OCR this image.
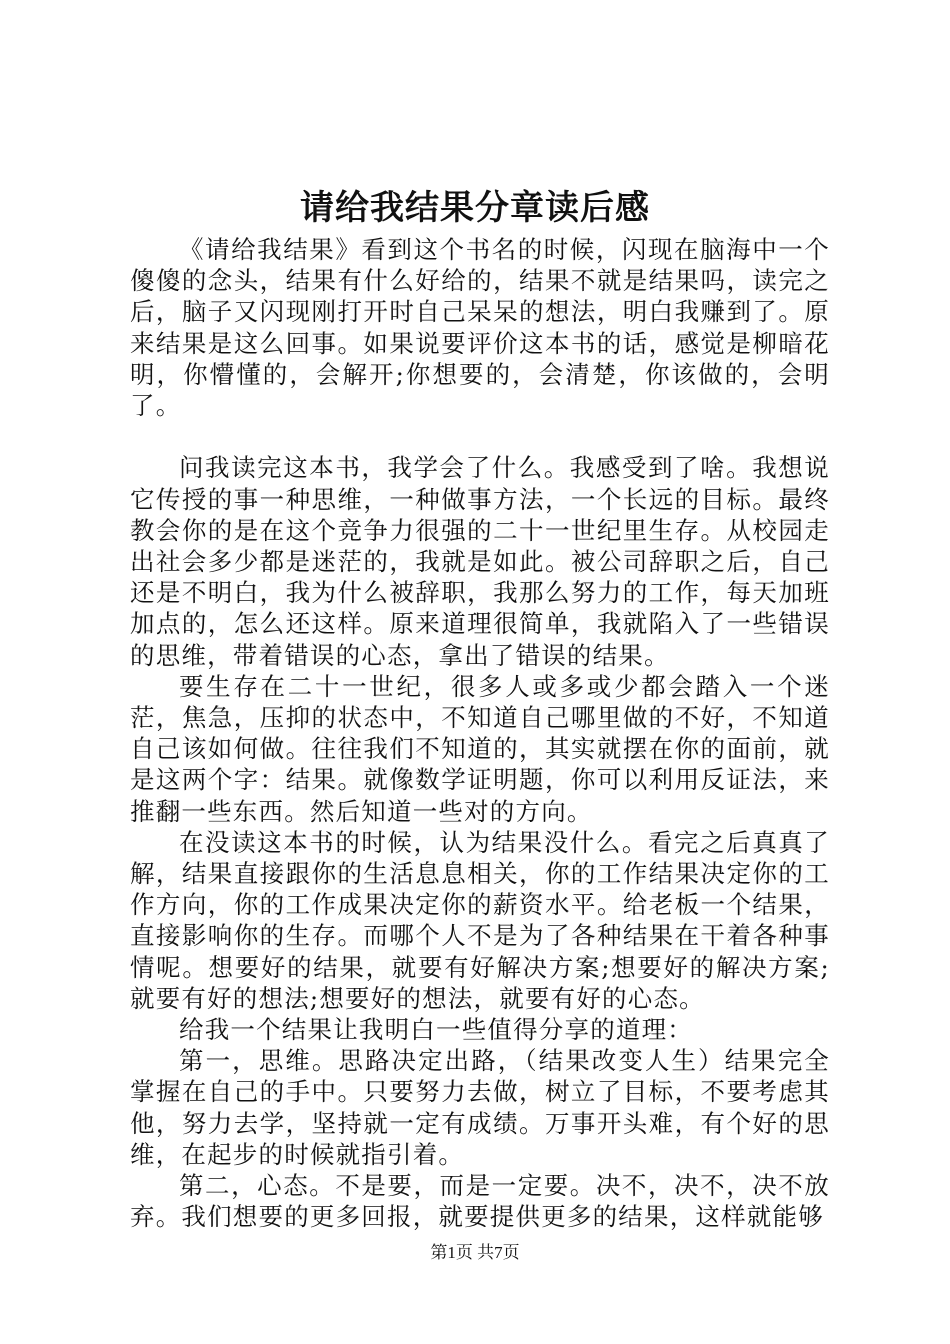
请给我结果分章读后感

《请给我结果》看到这个书名的时候，闪现在脑海中一个傻傻的念头，结果有什么好给的，结果不就是结果吗，读完之后，脑子又闪现刚打开时自己呆呆的想法，明白我赚到了。原来结果是这么回事。如果说要评价这本书的话，感觉是柳暗花明，你懵懂的，会解开;你想要的，会清楚，你该做的，会明了。

问我读完这本书，我学会了什么。我感受到了啥。我想说它传授的事一种思维，一种做事方法，一个长远的目标。最终教会你的是在这个竞争力很强的二十一世纪里生存。从校园走出社会多少都是迷茫的，我就是如此。被公司辞职之后，自己还是不明白，我为什么被辞职，我那么努力的工作，每天加班加点的，怎么还这样。原来道理很简单，我就陷入了一些错误的思维，带着错误的心态，拿出了错误的结果。

要生存在二十一世纪，很多人或多或少都会踏入一个迷茫，焦急，压抑的状态中，不知道自己哪里做的不好，不知道自己该如何做。往往我们不知道的，其实就摆在你的面前，就是这两个字：结果。就像数学证明题，你可以利用反证法，来推翻一些东西。然后知道一些对的方向。

在没读这本书的时候，认为结果没什么。看完之后真真了解，结果直接跟你的生活息息相关，你的工作结果决定你的工作方向，你的工作成果决定你的薪资水平。给老板一个结果，直接影响你的生存。而哪个人不是为了各种结果在干着各种事情呢。想要好的结果，就要有好解决方案;想要好的解决方案;就要有好的想法;想要好的想法，就要有好的心态。

给我一个结果让我明白一些值得分享的道理：

第一，思维。思路决定出路，（结果改变人生）结果完全掌握在自己的手中。只要努力去做，树立了目标，不要考虑其他，努力去学，坚持就一定有成绩。万事开头难，有个好的思维，在起步的时候就指引着。

第二，心态。不是要，而是一定要。决不，决不，决不放弃。我们想要的更多回报，就要提供更多的结果，这样就能够

第1页 共7页
